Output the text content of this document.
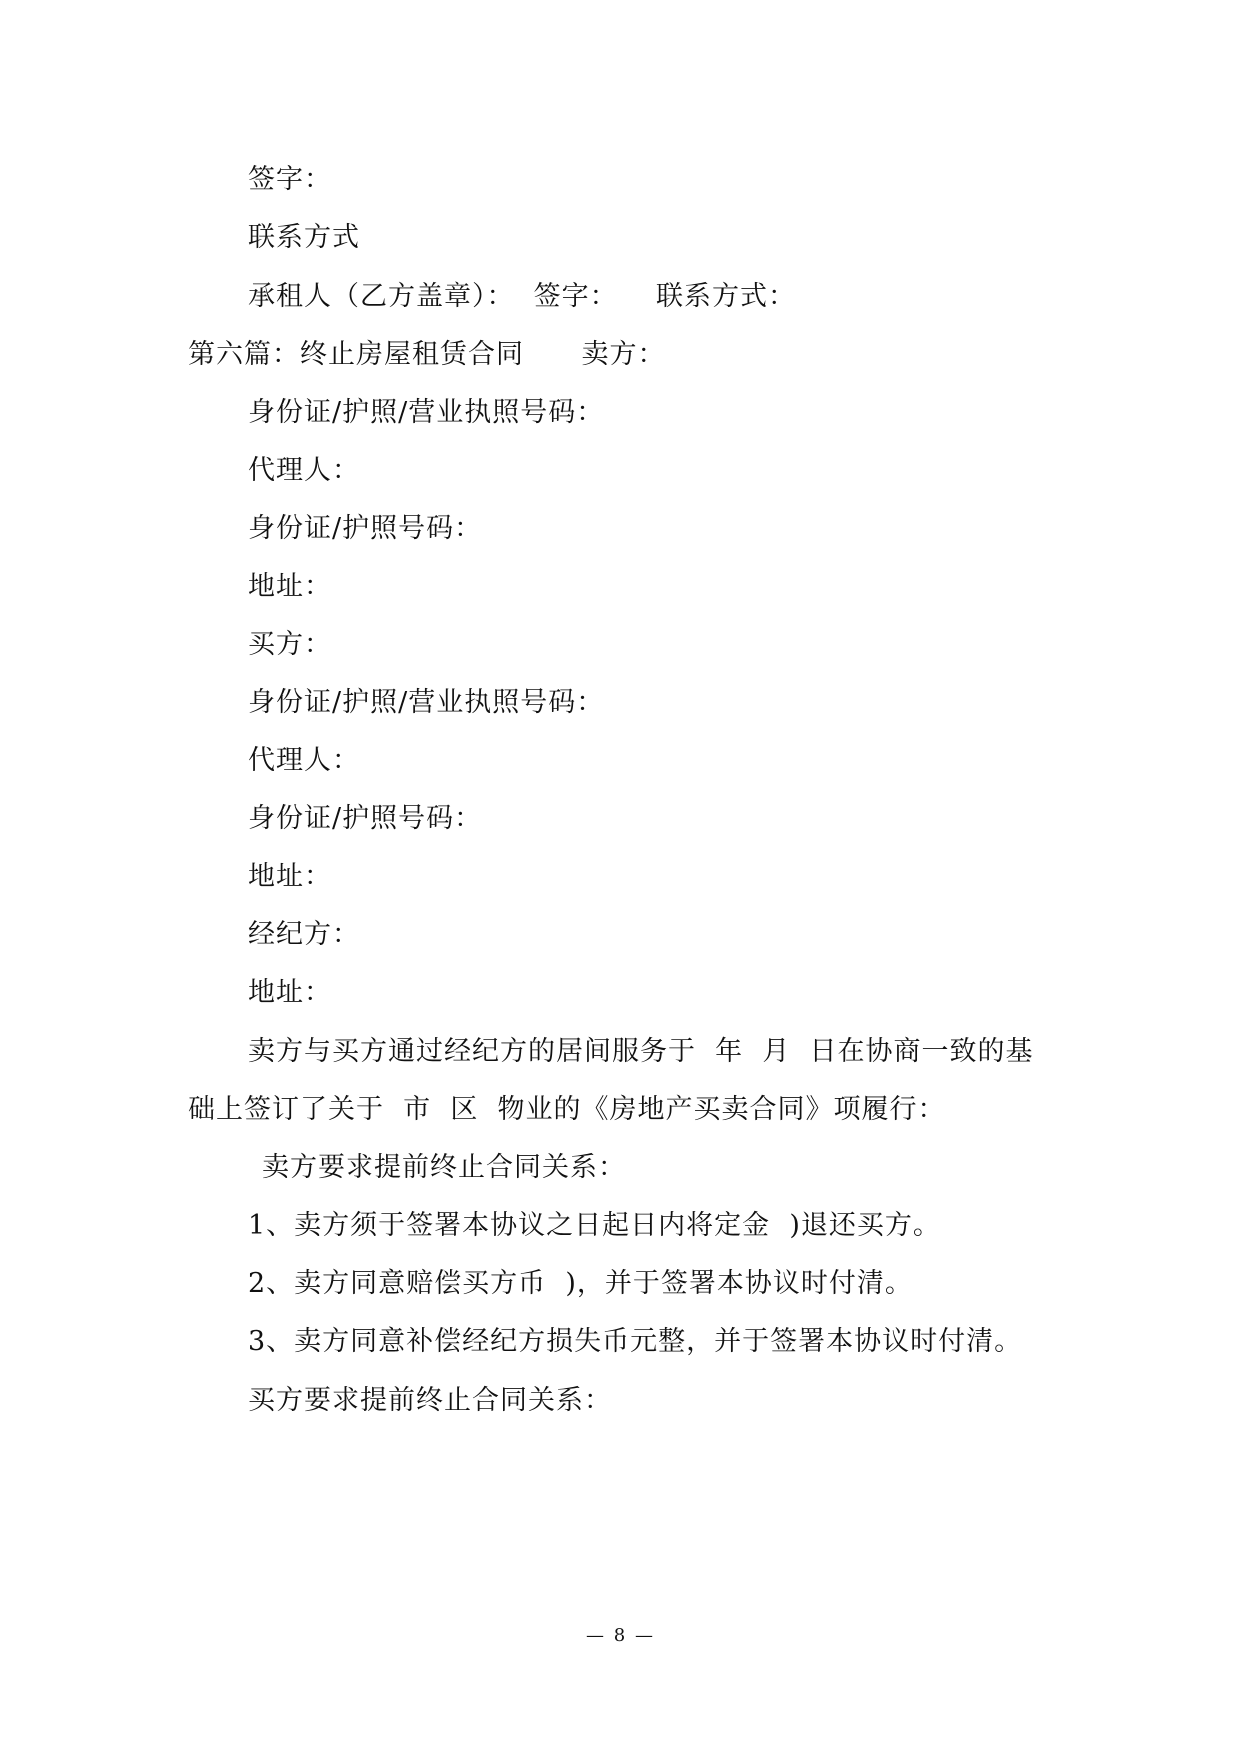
签字：
联系方式
承租人（乙方盖章）：  签字：    联系方式：
第六篇：终止房屋租赁合同      卖方：
身份证/护照/营业执照号码：
代理人：
身份证/护照号码：
地址：
买方：
身份证/护照/营业执照号码：
代理人：
身份证/护照号码：
地址：
经纪方：
地址：
卖方与买方通过经纪方的居间服务于  年  月  日在协商一致的基
础上签订了关于  市  区  物业的《房地产买卖合同》项履行：
卖方要求提前终止合同关系：
1、卖方须于签署本协议之日起日内将定金  )退还买方。
2、卖方同意赔偿买方币  )，并于签署本协议时付清。
3、卖方同意补偿经纪方损失币元整，并于签署本协议时付清。
买方要求提前终止合同关系：
— 8 —
